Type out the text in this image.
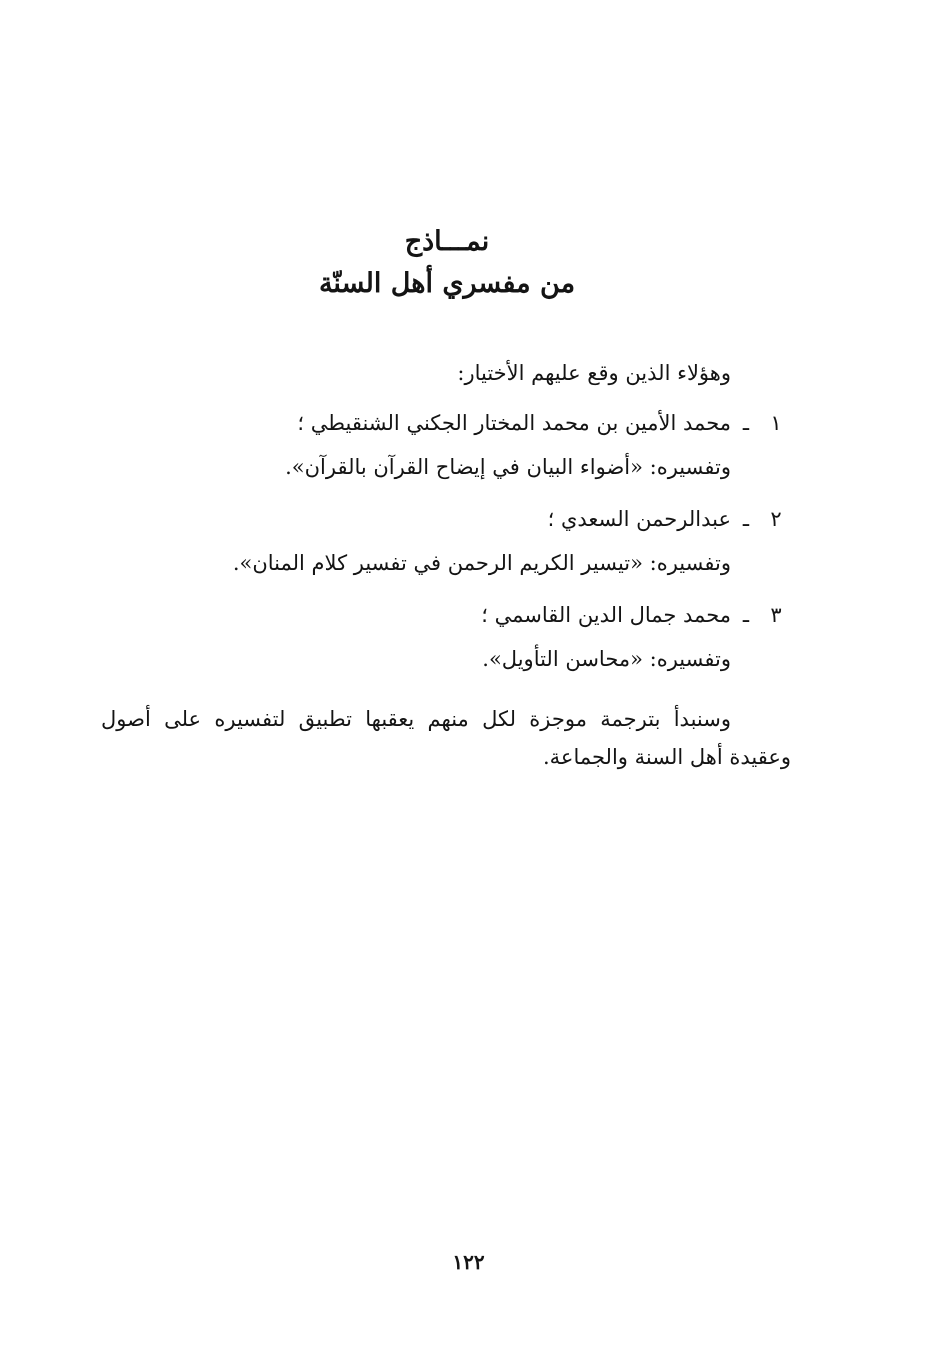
نمـــاذج
من مفسري أهل السنّة
وهؤلاء الذين وقع عليهم الأختيار:
١ـمحمد الأمين بن محمد المختار الجكني الشنقيطي ؛
وتفسيره: «أضواء البيان في إيضاح القرآن بالقرآن».
٢ـعبدالرحمن السعدي ؛
وتفسيره: «تيسير الكريم الرحمن في تفسير كلام المنان».
٣ـمحمد جمال الدين القاسمي ؛
وتفسيره: «محاسن التأويل».
وسنبدأ بترجمة موجزة لكل منهم يعقبها تطبيق لتفسيره على أصول وعقيدة أهل السنة والجماعة.
١٢٢
